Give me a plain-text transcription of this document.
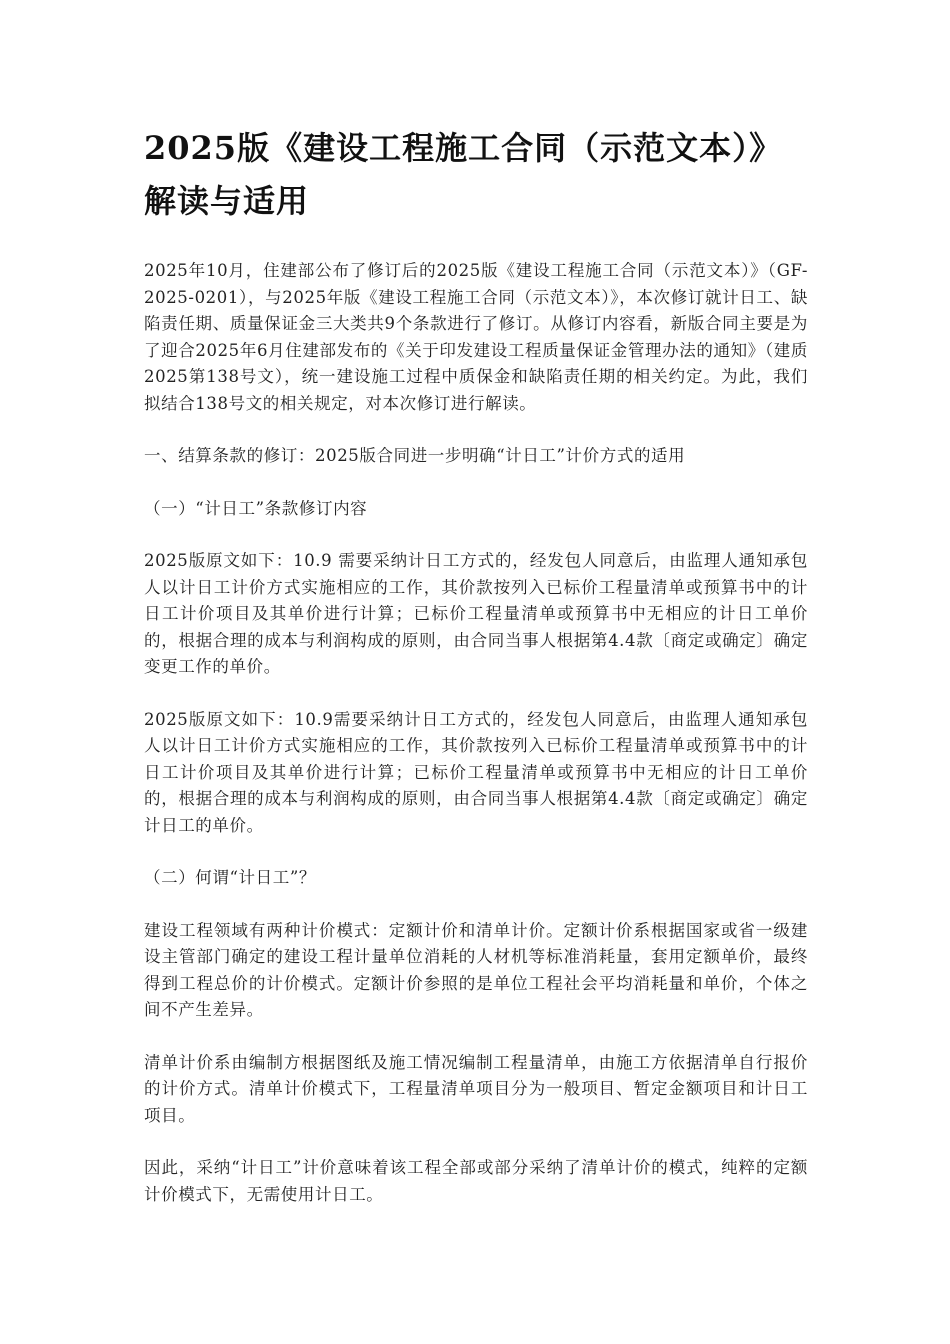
2025版《建设工程施工合同（示范文本）》解读与适用

2025年10月，住建部公布了修订后的2025版《建设工程施工合同（示范文本）》（GF-2025-0201），与2025年版《建设工程施工合同（示范文本）》，本次修订就计日工、缺陷责任期、质量保证金三大类共9个条款进行了修订。从修订内容看，新版合同主要是为了迎合2025年6月住建部发布的《关于印发建设工程质量保证金管理办法的通知》（建质2025第138号文），统一建设施工过程中质保金和缺陷责任期的相关约定。为此，我们拟结合138号文的相关规定，对本次修订进行解读。

一、结算条款的修订：2025版合同进一步明确“计日工”计价方式的适用

（一）“计日工”条款修订内容

2025版原文如下：10.9 需要采纳计日工方式的，经发包人同意后，由监理人通知承包人以计日工计价方式实施相应的工作，其价款按列入已标价工程量清单或预算书中的计日工计价项目及其单价进行计算；已标价工程量清单或预算书中无相应的计日工单价的，根据合理的成本与利润构成的原则，由合同当事人根据第4.4款〔商定或确定〕确定变更工作的单价。

2025版原文如下：10.9需要采纳计日工方式的，经发包人同意后，由监理人通知承包人以计日工计价方式实施相应的工作，其价款按列入已标价工程量清单或预算书中的计日工计价项目及其单价进行计算；已标价工程量清单或预算书中无相应的计日工单价的，根据合理的成本与利润构成的原则，由合同当事人根据第4.4款〔商定或确定〕确定计日工的单价。

（二）何谓“计日工”？

建设工程领域有两种计价模式：定额计价和清单计价。定额计价系根据国家或省一级建设主管部门确定的建设工程计量单位消耗的人材机等标准消耗量，套用定额单价，最终得到工程总价的计价模式。定额计价参照的是单位工程社会平均消耗量和单价，个体之间不产生差异。

清单计价系由编制方根据图纸及施工情况编制工程量清单，由施工方依据清单自行报价的计价方式。清单计价模式下，工程量清单项目分为一般项目、暂定金额项目和计日工项目。

因此，采纳“计日工”计价意味着该工程全部或部分采纳了清单计价的模式，纯粹的定额计价模式下，无需使用计日工。
